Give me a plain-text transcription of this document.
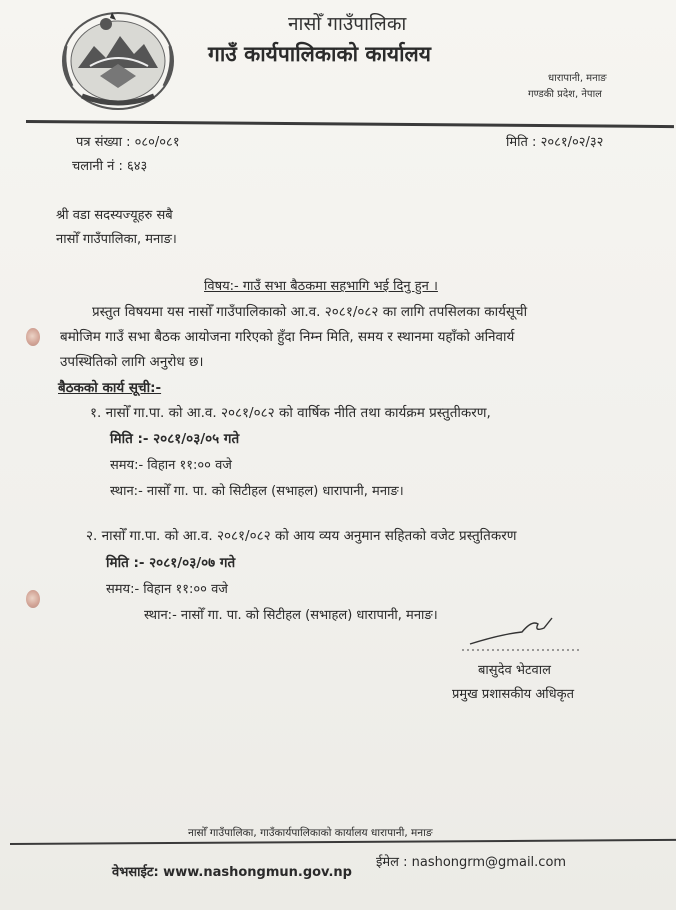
नासोँ गाउँपालिका
गाउँ कार्यपालिकाको कार्यालय
धारापानी, मनाङ
गण्डकी प्रदेश, नेपाल
पत्र संख्या : ०८०/०८१
चलानी नं : ६४३
मिति : २०८१/०२/३२
श्री वडा सदस्यज्यूहरु सबै
नासोँ गाउँपालिका, मनाङ।
विषय:- गाउँ सभा बैठकमा सहभागि भई दिनु हुन ।
प्रस्तुत विषयमा यस नासोँ गाउँपालिकाको आ.व. २०८१/०८२ का लागि तपसिलका कार्यसूची
बमोजिम गाउँ सभा बैठक आयोजना गरिएको हुँदा निम्न मिति, समय र स्थानमा यहाँको अनिवार्य
उपस्थितिको लागि अनुरोध छ।
बैठकको कार्य सूची:-
१. नासोँ गा.पा. को आ.व. २०८१/०८२ को वार्षिक नीति तथा कार्यक्रम प्रस्तुतीकरण,
मिति :- २०८१/०३/०५ गते
समय:- विहान ११:०० वजे
स्थान:- नासोँ गा. पा. को सिटीहल (सभाहल) धारापानी, मनाङ।
२. नासोँ गा.पा. को आ.व. २०८१/०८२ को आय व्यय अनुमान सहितको वजेट प्रस्तुतिकरण
मिति :- २०८१/०३/०७ गते
समय:- विहान ११:०० वजे
स्थान:- नासोँ गा. पा. को सिटीहल (सभाहल) धारापानी, मनाङ।
बासुदेव भेटवाल
प्रमुख प्रशासकीय अधिकृत
नासोँ गाउँपालिका, गाउँकार्यपालिकाको कार्यालय धारापानी, मनाङ
वेभसाईट: www.nashongmun.gov.np
ईमेल : nashongrm@gmail.com
